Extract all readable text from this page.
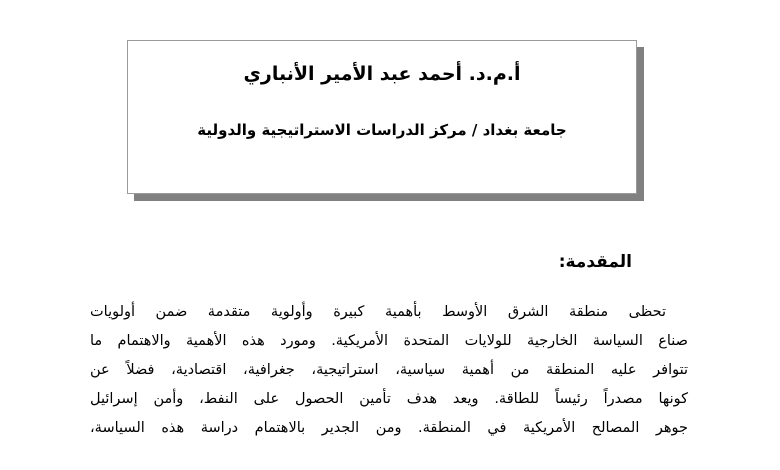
أ.م.د. أحمد عبد الأمير الأنباري
جامعة بغداد / مركز الدراسات الاستراتيجية والدولية
المقدمة:
تحظى منطقة الشرق الأوسط بأهمية كبيرة وأولوية متقدمة ضمن أولويات
صناع السياسة الخارجية للولايات المتحدة الأمريكية. ومورد هذه الأهمية والاهتمام ما
تتوافر عليه المنطقة من أهمية سياسية، استراتيجية، جغرافية، اقتصادية، فضلاً عن
كونها مصدراً رئيساً للطاقة. ويعد هدف تأمين الحصول على النفط، وأمن إسرائيل
جوهر المصالح الأمريكية في المنطقة. ومن الجدير بالاهتمام دراسة هذه السياسة،
